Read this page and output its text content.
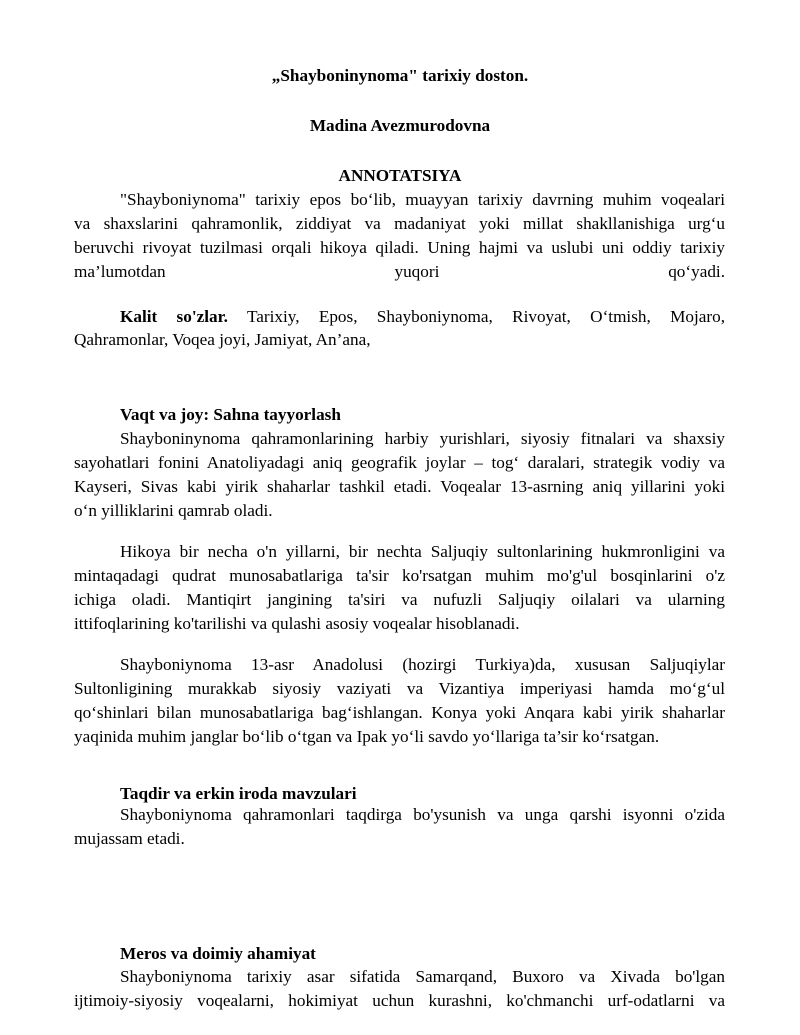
„Shayboninynoma" tarixiy doston.
Madina Avezmurodovna
ANNOTATSIYA
"Shayboniynoma" tarixiy epos bo‘lib, muayyan tarixiy davrning muhim voqealari
va shaxslarini qahramonlik, ziddiyat va madaniyat yoki millat shakllanishiga urg‘u
beruvchi rivoyat tuzilmasi orqali hikoya qiladi. Uning hajmi va uslubi uni oddiy tarixiy
ma’lumotdan yuqori qo‘yadi.
Kalit so'zlar. Tarixiy, Epos, Shayboniynoma, Rivoyat, O‘tmish, Mojaro,
Qahramonlar, Voqea joyi, Jamiyat, An’ana,
Vaqt va joy: Sahna tayyorlash
Shayboninynoma qahramonlarining harbiy yurishlari, siyosiy fitnalari va shaxsiy
sayohatlari fonini Anatoliyadagi aniq geografik joylar – tog‘ daralari, strategik vodiy va
Kayseri, Sivas kabi yirik shaharlar tashkil etadi. Voqealar 13-asrning aniq yillarini yoki
o‘n yilliklarini qamrab oladi.
Hikoya bir necha o'n yillarni, bir nechta Saljuqiy sultonlarining hukmronligini va
mintaqadagi qudrat munosabatlariga ta'sir ko'rsatgan muhim mo'g'ul bosqinlarini o'z
ichiga oladi. Mantiqirt jangining ta'siri va nufuzli Saljuqiy oilalari va ularning
ittifoqlarining ko'tarilishi va qulashi asosiy voqealar hisoblanadi.
Shayboniynoma 13-asr Anadolusi (hozirgi Turkiya)da, xususan Saljuqiylar
Sultonligining murakkab siyosiy vaziyati va Vizantiya imperiyasi hamda mo‘g‘ul
qo‘shinlari bilan munosabatlariga bag‘ishlangan. Konya yoki Anqara kabi yirik shaharlar
yaqinida muhim janglar bo‘lib o‘tgan va Ipak yo‘li savdo yo‘llariga ta’sir ko‘rsatgan.
Taqdir va erkin iroda mavzulari
Shayboniynoma qahramonlari taqdirga bo'ysunish va unga qarshi isyonni o'zida
mujassam etadi.
Meros va doimiy ahamiyat
Shayboniynoma tarixiy asar sifatida Samarqand, Buxoro va Xivada bo'lgan
ijtimoiy-siyosiy voqealarni, hokimiyat uchun kurashni, ko'chmanchi urf-odatlarni va
